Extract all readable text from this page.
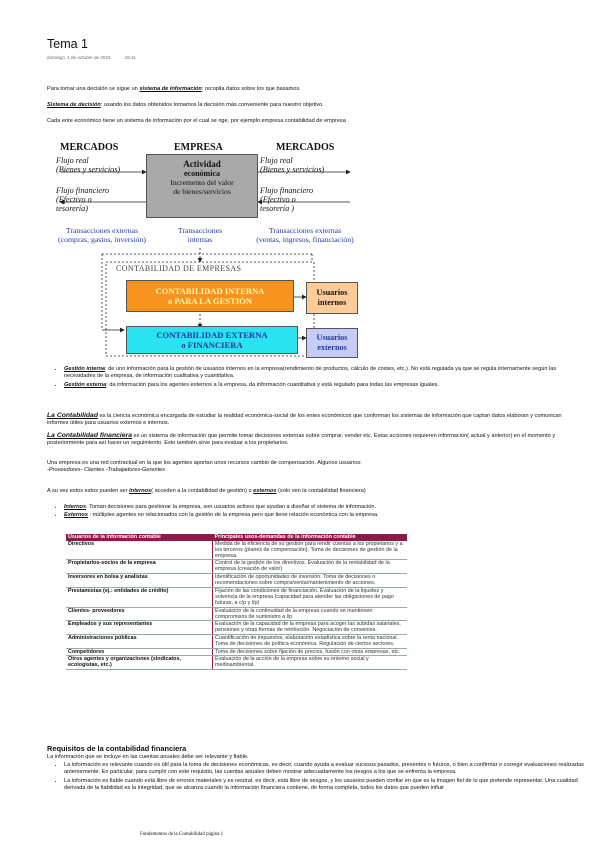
Tema 1
domingo, 1 de octubre de 2023	18:11
Para tomar una decisión se sigue un sistema de información: recopila datos sobre los que basamos.
Sistema de decisión: usando los datos obtenidos tomamos la decisión más conveniente para nuestro objetivo.
Cada ente económico tiene un sistema de información por el cual se rige, por ejemplo empresa contabilidad de empresa
MERCADOS	EMPRESA	MERCADOS
Flujo real
(Bienes y servicios)
Flujo financiero
(Efectivo o
tesorería)
Actividad
económica
Incremento del valor
de bienes/servicios
Flujo real
(Bienes y servicios)
Flujo financiero
(Efectivo o
tesorería )
Transacciones externas
(compras, gastos, inversión)
Transacciones
internas
Transacciones externas
(ventas, ingresos, financiación)
CONTABILIDAD DE EMPRESAS
CONTABILIDAD INTERNA
o PARA LA GESTIÓN
Usuarios
internos
CONTABILIDAD EXTERNA
o FINANCIERA
Usuarios
externos
• Gestión interna: de uno información para la gestión de usuarios internos en la empresa(rendimiento de productos, cálculo de costes, etc.). No está regulada ya que se regula internamente según las necesidades de la empresa, de información cualitativa y cuantitativa.
• Gestión externa: da información para los agentes externos a la empresa, da información cuantitativa y está regulado para todas las empresas iguales.
La Contabilidad es la ciencia económica encargada de estudiar la realidad económica-social de los entes económicos que conforman los sistemas de información que captan datos elaboran y comunican informes útiles para usuarios externos e internos.
La Contabilidad financiera es un sistema de información que permite tomar decisiones externas sobre comprar, vender etc. Estas acciones requieren información( actual y anterior) en el momento y posteriormente para así hacer un seguimiento. Esto también sirve para evaluar a los propietarios.
Una empresa es una red contractual en la que los agentes aportan unos recursos cambio de compensación. Algunos usuarios:
-Proveedores- Clientes -Trabajadores-Gerentes
A su vez estos estos pueden ser internos( acceden a la contabilidad de gestión) o externos (solo ven la contabilidad financiera)
• Internos. Toman decisiones para gestionar la empresa, son usuarios activos que ayudan a diseñar el sistema de información.
• Externos : múltiples agentes no relacionados con la gestión de la empresa pero que tiene relación económica con la empresa.
Usuarios de la información contable	Principales usos-demandas de la información contable
Directivos	Medida de la eficiencia de su gestión para rendir cuentas a los propietarios y a los terceros (planes de compensación). Toma de decisiones de gestión de la empresa.
Propietarios-socios de la empresa	Control de la gestión de los directivos. Evaluación de la rentabilidad de la empresa (creación de valor)
Inversores en bolsa y analistas	Identificación de oportunidades de inversión. Toma de decisiones o recomendaciones sobre compra/venta/mantenimiento de acciones.
Prestamistas (ej.: entidades de crédito)	Fijación de las condiciones de financiación. Evaluación de la liquidez y solvencia de la empresa (capacidad para atender las obligaciones de pago futuras, a c/p y l/p)
Clientes- proveedores	Evaluación de la continuidad de la empresa cuando se mantienen compromisos de suministro a l/p
Empleados y sus representantes	Evaluación de la capacidad de la empresa para acoger las subidas salariales, pensiones y otras formas de retribución. Negociación de convenios.
Administraciones públicas	Cuantificación de impuestos, elaboración estadística sobre la renta nacional. Toma de decisiones de política económica. Regulación de ciertos sectores.
Competidores	Toma de decisiones sobre fijación de precios, fusión con otras empresas, etc.
Otros agentes y organizaciones (sindicatos, ecologistas, etc.)	Evaluación de la acción de la empresa sobre su entorno social y medioambiental.
Requisitos de la contabilidad financiera
La información que se incluye en las cuentas anuales debe ser relevante y fiable.
• La información es relevante cuando es útil para la toma de decisiones económicas, es decir, cuando ayuda a evaluar sucesos pasados, presentes o futuros, o bien a confirmar o corregir evaluaciones realizadas anteriormente. En particular, para cumplir con este requisito, las cuentas anuales deben mostrar adecuadamente los riesgos a los que se enfrenta la empresa.
• La información es fiable cuando está libre de errores materiales y es neutral, es decir, está libre de sesgos, y los usuarios pueden confiar en que es la imagen fiel de lo que pretende representar. Una cualidad derivada de la fiabilidad es la integridad, que se alcanza cuando la información financiera contiene, de forma completa, todos los datos que pueden influir
Fundamentos de la Contabilidad página 1
